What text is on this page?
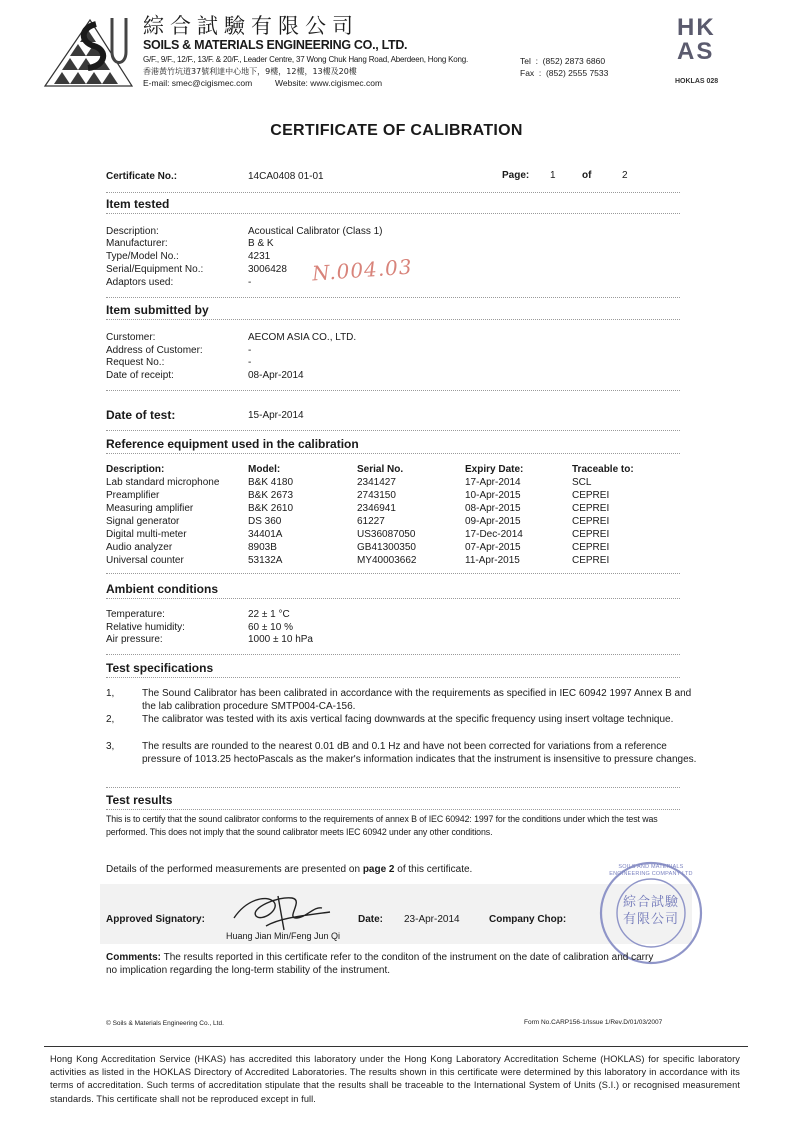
綜合試驗有限公司
SOILS & MATERIALS ENGINEERING CO., LTD.
G/F., 9/F., 12/F., 13/F. & 20/F., Leader Centre, 37 Wong Chuk Hang Road, Aberdeen, Hong Kong.
香港黃竹坑道37號利達中心地下，9樓，12樓，13樓及20樓
E-mail: smec@cigismec.com	Website: www.cigismec.com
Tel  :  (852) 2873 6860
Fax  :  (852) 2555 7533
HK
AS
HOKLAS 028
CERTIFICATE OF CALIBRATION
Certificate No.:	14CA0408 01-01	Page: 1	of	2
Item tested
Description:	Acoustical Calibrator (Class 1)
Manufacturer:	B & K
Type/Model No.:	4231
Serial/Equipment No.:	3006428
Adaptors used:	-	N.004.03
Item submitted by
Curstomer:	AECOM ASIA CO., LTD.
Address of Customer:	-
Request No.:	-
Date of receipt:	08-Apr-2014
Date of test:	15-Apr-2014
Reference equipment used in the calibration
Description:	Model:	Serial No.	Expiry Date:	Traceable to:
Lab standard microphone	B&K 4180	2341427	17-Apr-2014	SCL
Preamplifier	B&K 2673	2743150	10-Apr-2015	CEPREI
Measuring amplifier	B&K 2610	2346941	08-Apr-2015	CEPREI
Signal generator	DS 360	61227	09-Apr-2015	CEPREI
Digital multi-meter	34401A	US36087050	17-Dec-2014	CEPREI
Audio analyzer	8903B	GB41300350	07-Apr-2015	CEPREI
Universal counter	53132A	MY40003662	11-Apr-2015	CEPREI
Ambient conditions
Temperature:	22 ± 1 °C
Relative humidity:	60 ± 10 %
Air pressure:	1000 ± 10 hPa
Test specifications
1,	The Sound Calibrator has been calibrated in accordance with the requirements as specified in IEC 60942 1997 Annex B and the lab calibration procedure SMTP004-CA-156.
2,	The calibrator was tested with its axis vertical facing downwards at the specific frequency using insert voltage technique.
3,	The results are rounded to the nearest 0.01 dB and 0.1 Hz and have not been corrected for variations from a reference pressure of 1013.25 hectoPascals as the maker's information indicates that the instrument is insensitive to pressure changes.
Test results
This is to certify that the sound calibrator conforms to the requirements of annex B of IEC 60942: 1997 for the conditions under which the test was performed. This does not imply that the sound calibrator meets IEC 60942 under any other conditions.
Details of the performed measurements are presented on page 2 of this certificate.
Approved Signatory:
Huang Jian Min/Feng Jun Qi
Date: 23-Apr-2014	Company Chop:
綜合試驗有限公司
SOILS AND MATERIALS ENGINEERING COMPANY LTD
Comments: The results reported in this certificate refer to the conditon of the instrument on the date of calibration and carry no implication regarding the long-term stability of the instrument.
© Soils & Materials Engineering Co., Ltd.	Form No.CARP156-1/Issue 1/Rev.D/01/03/2007
Hong Kong Accreditation Service (HKAS) has accredited this laboratory under the Hong Kong Laboratory Accreditation Scheme (HOKLAS) for specific laboratory activities as listed in the HOKLAS Directory of Accredited Laboratories. The results shown in this certificate were determined by this laboratory in accordance with its terms of accreditation. Such terms of accreditation stipulate that the results shall be traceable to the International System of Units (S.I.) or recognised measurement standards. This certificate shall not be reproduced except in full.
